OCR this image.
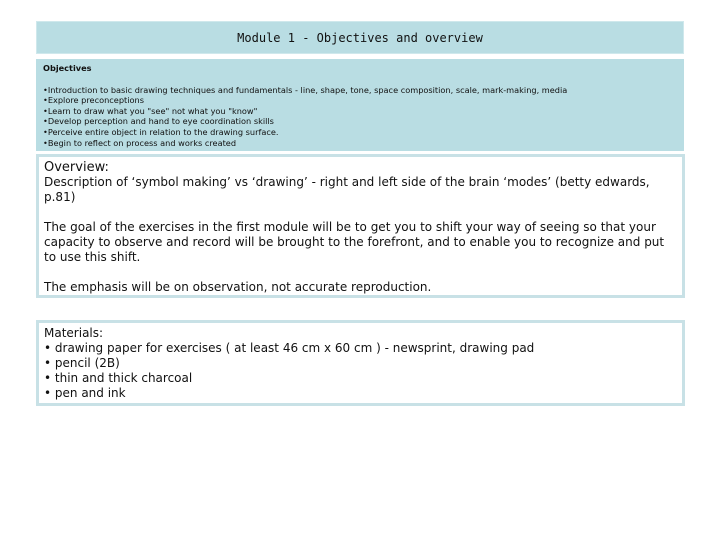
Module 1 - Objectives and overview
Objectives
•Introduction to basic drawing techniques and fundamentals - line, shape, tone, space composition, scale, mark-making, media
•Explore preconceptions
•Learn to draw what you "see" not what you "know"
•Develop perception and hand to eye coordination skills
•Perceive entire object in relation to the drawing surface.
•Begin to reflect on process and works created
Overview:

Description of ‘symbol making’ vs ‘drawing’ - right and left side of the brain ‘modes’ (betty edwards, p.81)

The goal of the exercises in the first module will be to get you to shift your way of seeing so that your capacity to observe and record will be brought to the forefront, and to enable you to recognize and put to use this shift.

The emphasis will be on observation, not accurate reproduction.

Materials:
• drawing paper for exercises ( at least 46 cm x 60 cm ) - newsprint, drawing pad
• pencil (2B)
• thin and thick charcoal
• pen and ink
